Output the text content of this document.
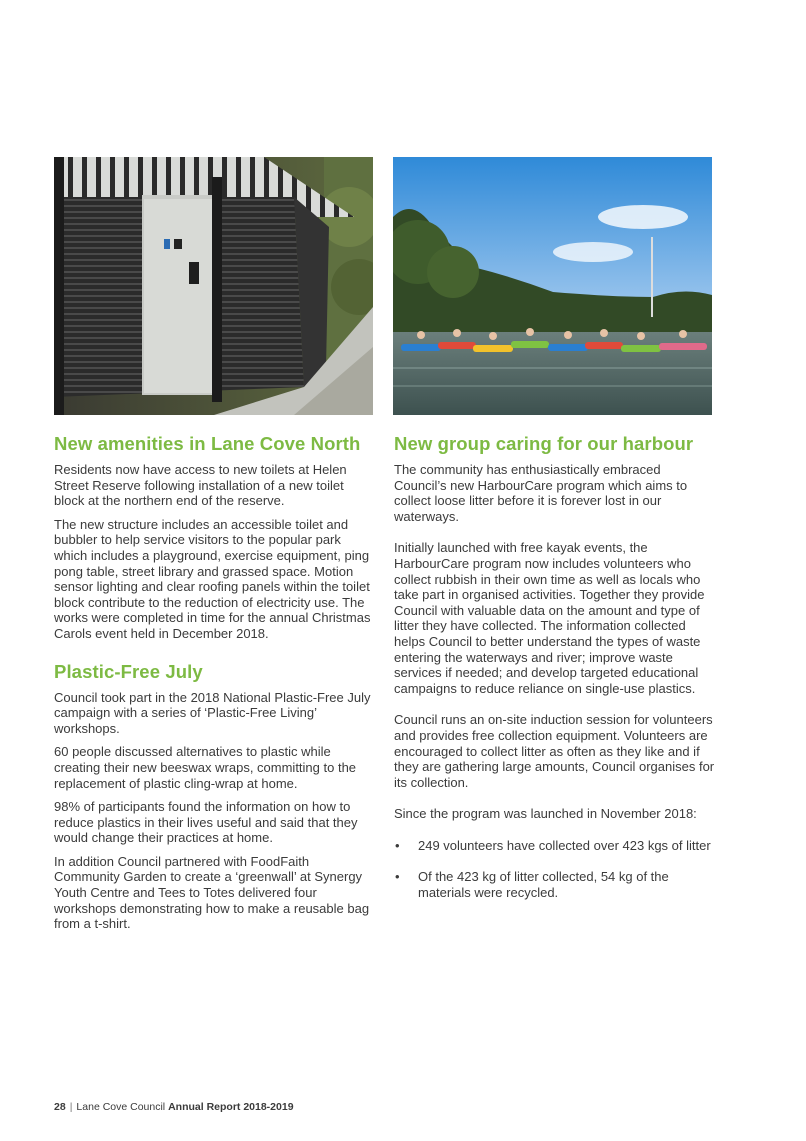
New amenities in Lane Cove North

Residents now have access to new toilets at Helen Street Reserve following installation of a new toilet block at the northern end of the reserve.

The new structure includes an accessible toilet and bubbler to help service visitors to the popular park which includes a playground, exercise equipment, ping pong table, street library and grassed space. Motion sensor lighting and clear roofing panels within the toilet block contribute to the reduction of electricity use. The works were completed in time for the annual Christmas Carols event held in December 2018.

Plastic-Free July

Council took part in the 2018 National Plastic-Free July campaign with a series of ‘Plastic-Free Living’ workshops.

60 people discussed alternatives to plastic while creating their new beeswax wraps, committing to the replacement of plastic cling-wrap at home.

98% of participants found the information on how to reduce plastics in their lives useful and said that they would change their practices at home.

In addition Council partnered with FoodFaith Community Garden to create a ‘greenwall’ at Synergy Youth Centre and Tees to Totes delivered four workshops demonstrating how to make a reusable bag from a t-shirt.

New group caring for our harbour

The community has enthusiastically embraced Council’s new HarbourCare program which aims to collect loose litter before it is forever lost in our waterways.

Initially launched with free kayak events, the HarbourCare program now includes volunteers who collect rubbish in their own time as well as locals who take part in organised activities. Together they provide Council with valuable data on the amount and type of litter they have collected. The information collected helps Council to better understand the types of waste entering the waterways and river; improve waste services if needed; and develop targeted educational campaigns to reduce reliance on single-use plastics.

Council runs an on-site induction session for volunteers and provides free collection equipment. Volunteers are encouraged to collect litter as often as they like and if they are gathering large amounts, Council organises for its collection.

Since the program was launched in November 2018:

• 249 volunteers have collected over 423 kgs of litter
• Of the 423 kg of litter collected, 54 kg of the materials were recycled.
28 | Lane Cove Council Annual Report 2018-2019
